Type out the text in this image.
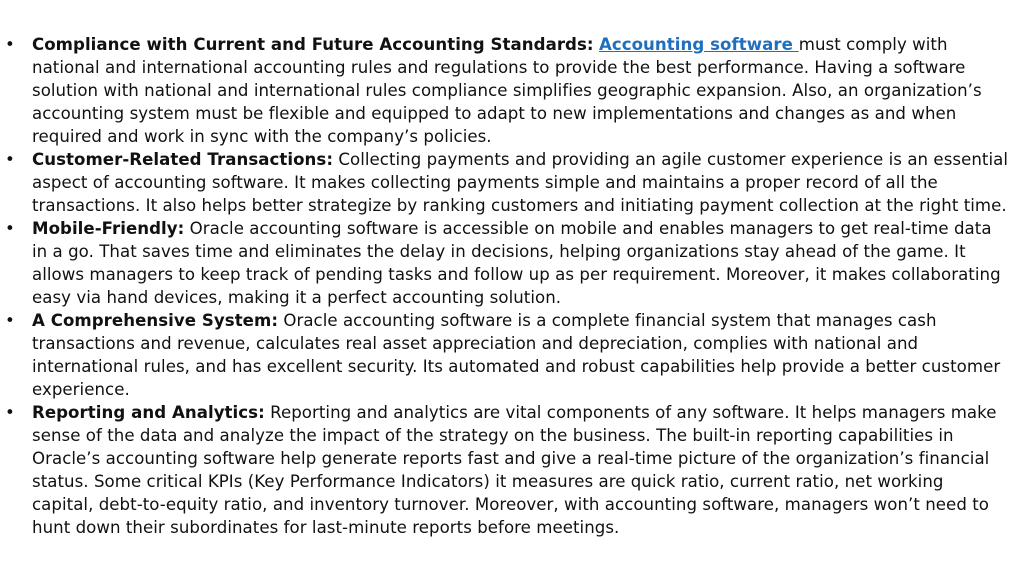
• Compliance with Current and Future Accounting Standards: Accounting software must comply with national and international accounting rules and regulations to provide the best performance. Having a software solution with national and international rules compliance simplifies geographic expansion. Also, an organization’s accounting system must be flexible and equipped to adapt to new implementations and changes as and when required and work in sync with the company’s policies.
• Customer-Related Transactions: Collecting payments and providing an agile customer experience is an essential aspect of accounting software. It makes collecting payments simple and maintains a proper record of all the transactions. It also helps better strategize by ranking customers and initiating payment collection at the right time.
• Mobile-Friendly: Oracle accounting software is accessible on mobile and enables managers to get real-time data in a go. That saves time and eliminates the delay in decisions, helping organizations stay ahead of the game. It allows managers to keep track of pending tasks and follow up as per requirement. Moreover, it makes collaborating easy via hand devices, making it a perfect accounting solution.
• A Comprehensive System: Oracle accounting software is a complete financial system that manages cash transactions and revenue, calculates real asset appreciation and depreciation, complies with national and international rules, and has excellent security. Its automated and robust capabilities help provide a better customer experience.
• Reporting and Analytics: Reporting and analytics are vital components of any software. It helps managers make sense of the data and analyze the impact of the strategy on the business. The built-in reporting capabilities in Oracle’s accounting software help generate reports fast and give a real-time picture of the organization’s financial status. Some critical KPIs (Key Performance Indicators) it measures are quick ratio, current ratio, net working capital, debt-to-equity ratio, and inventory turnover. Moreover, with accounting software, managers won’t need to hunt down their subordinates for last-minute reports before meetings.
